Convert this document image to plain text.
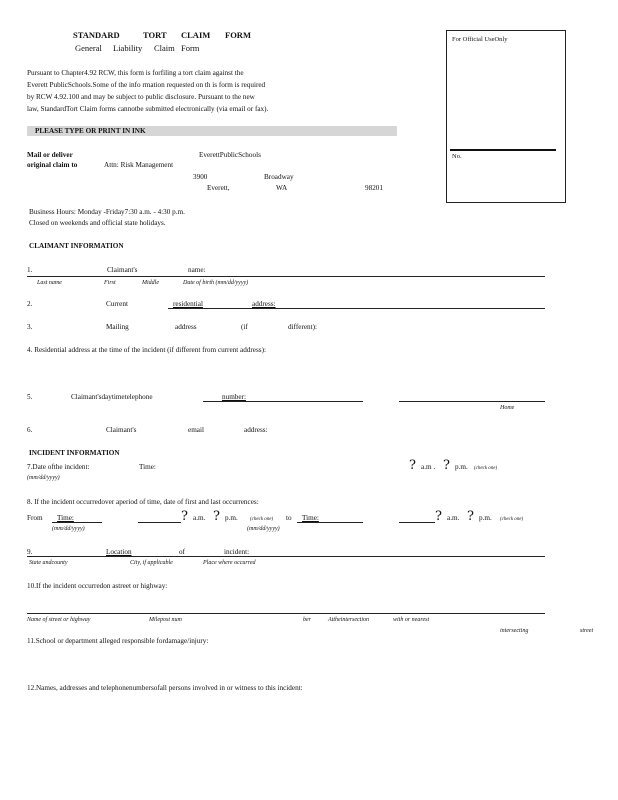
STANDARD	TORT CLAIM FORM
General Liability Claim Form
For Official UseOnly
No.
Pursuant to Chapter4.92 RCW, this form is forfiling a tort claim against the
Everett PublicSchools.Some of the info rmation requested on th is form is required
by RCW 4.92.100 and may be subject to public disclosure. Pursuant to the new
law, StandardTort Claim forms cannotbe submitted electronically (via email or fax).
PLEASE TYPE OR PRINT IN INK
Mail or deliver
original claim to	Attn: Risk Management
EverettPublicSchools
3900	Broadway
Everett,	WA	98201
Business Hours: Monday -Friday7:30 a.m. - 4:30 p.m.
Closed on weekends and official state holidays.
CLAIMANT INFORMATION
1.	Claimant's	name:
Last name	First	Middle	Date of birth (mm/dd/yyyy)
2.	Current	residential	address:
3.	Mailing	address	(if	different):
4. Residential address at the time of the incident (if different from current address):
5.	Claimant'sdaytimetelephone	number:
Home
6.	Claimant's	email	address:
INCIDENT INFORMATION
7.Date ofthe incident:	Time:
(mm/dd/yyyy)
? a.m . ? p.m. (check one)
8. If the incident occurredover aperiod of time, date of first and last occurrences:
From Time:
(mm/dd/yyyy)
? a.m. ? p.m. (check one) to Time:
(mm/dd/yyyy)
? a.m. ? p.m. (check one)
9.	Location	of	incident:
State andcounty	City, if applicable	Place where occurred
10.If the incident occurredon astreet or highway:
Name of street or highway	Milepost num	ber	Attheintersection	with or nearest
intersecting	street
11.School or department alleged responsible fordamage/injury:
12.Names, addresses and telephonenumbersofall persons involved in or witness to this incident:
